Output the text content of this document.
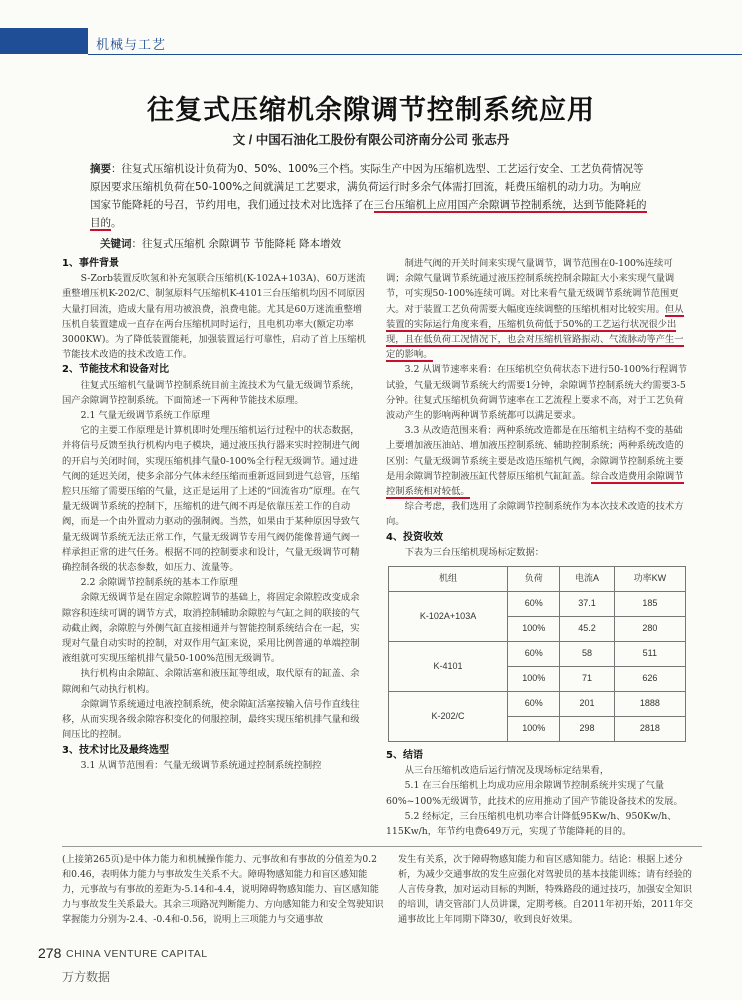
机械与工艺
往复式压缩机余隙调节控制系统应用
文 / 中国石油化工股份有限公司济南分公司 张志丹
摘要：往复式压缩机设计负荷为0、50%、100%三个档。实际生产中因为压缩机选型、工艺运行安全、工艺负荷情况等原因要求压缩机负荷在50-100%之间就满足工艺要求，满负荷运行时多余气体需打回流，耗费压缩机的动力功。为响应国家节能降耗的号召，节约用电，我们通过技术对比选择了在三台压缩机上应用国产余隙调节控制系统，达到节能降耗的目的。
关键词：往复式压缩机 余隙调节 节能降耗 降本增效
1、事件背景

S-Zorb装置反吹氢和补充氢联合压缩机(K-102A+103A)、60万迷流重整增压机K-202/C、制氢原料气压缩机K-4101三台压缩机均因不同原因大量打回流，造成大量有用功被浪费，浪费电能。尤其是60万迷流重整增压机自装置建成一直存在两台压缩机同时运行，且电机功率大(额定功率3000KW)。为了降低装置能耗，加强装置运行可靠性，启动了首上压缩机节能技术改造的技术改造工作。

2、节能技术和设备对比

往复式压缩机气量调节控制系统目前主流技术为气量无级调节系统，国产余隙调节控制系统。下面简述一下两种节能技术原理。

2.1 气量无级调节系统工作原理

它的主要工作原理是计算机即时处理压缩机运行过程中的状态数据，并将信号反馈至执行机构内电子模块，通过液压执行器来实时控制进气阀的开启与关闭时间，实现压缩机排气量0-100%全行程无级调节。通过进气阀的延迟关闭，使多余部分气体未经压缩而重新返回到进气总管，压缩腔只压缩了需要压缩的气量，这正是运用了上述的“回流省功”原理。在气量无级调节系统的控制下，压缩机的进气阀不再是依靠压差工作的自动阀，而是一个由外置动力驱动的强制阀。当然，如果由于某种原因导致气量无级调节系统无法正常工作，气量无级调节专用气阀仍能像普通气阀一样承担正常的进气任务。根据不同的控制要求和设计，气量无级调节可精确控制各级的状态参数，如压力、流量等。

2.2 余隙调节控制系统的基本工作原理

余隙无级调节是在固定余隙腔调节的基础上，将固定余隙腔改变成余隙容积连续可调的调节方式，取消控制辅助余隙腔与气缸之间的联接的气动截止阀，余隙腔与外侧气缸直接相通并与智能控制系统结合在一起，实现对气量自动实时的控制，对双作用气缸来说，采用比例普通的单端控制液组就可实现压缩机排气量50-100%范围无级调节。

执行机构由余隙缸、余隙活塞和液压缸等组成，取代原有的缸盖、余隙阀和气动执行机构。

余隙调节系统通过电液控制系统，使余隙缸活塞按输入信号作直线往移，从而实现各级余隙容积变化的伺服控制，最终实现压缩机排气量和级间压比的控制。

3、技术讨比及最终选型

3.1 从调节范围看：气量无级调节系统通过控制系统控制控

制进气阀的开关时间来实现气量调节，调节范围在0-100%连续可调；余隙气量调节系统通过液压控制系统控制余隙缸大小来实现气量调节，可实现50-100%连续可调。对比来看气量无级调节系统调节范围更大。对于装置工艺负荷需要大幅度连续调整的压缩机相对比较实用。但从装置的实际运行角度来看，压缩机负荷低于50%的工艺运行状况很少出现，且在低负荷工况情况下，也会对压缩机管路振动、气流脉动等产生一定的影响。

3.2 从调节速率来看：在压缩机空负荷状态下进行50-100%行程调节试验，气量无级调节系统大约需要1分钟，余隙调节控制系统大约需要3-5分钟。往复式压缩机负荷调节速率在工艺流程上要求不高，对于工艺负荷波动产生的影响两种调节系统都可以满足要求。

3.3 从改造范围来看：两种系统改造都是在压缩机主结构不变的基础上要增加液压油站、增加液压控制系统、辅助控制系统；两种系统改造的区别：气量无级调节系统主要是改造压缩机气阀，余隙调节控制系统主要是用余隙调节控制液压缸代替原压缩机气缸缸盖。综合改造费用余隙调节控制系统相对较低。

综合考虑，我们选用了余隙调节控制系统作为本次技术改造的技术方向。

4、投资收效

下表为三台压缩机现场标定数据：

机组	负荷	电流A	功率KW
K-102A+103A	60%	37.1	185
	100%	45.2	280
K-4101	60%	58	511
	100%	71	626
K-202/C	60%	201	1888
	100%	298	2818
5、结语

从三台压缩机改造后运行情况及现场标定结果看，

5.1 在三台压缩机上均成功应用余隙调节控制系统并实现了气量60%~100%无级调节，此技术的应用推动了国产节能设备技术的发展。

5.2 经标定，三台压缩机电机功率合计降低95Kw/h、950Kw/h、115Kw/h，年节约电费649万元，实现了节能降耗的目的。

(上接第265页)是中体力能力和机械操作能力、元事故和有事故的分值差为0.2和0.46，表明体力能力与事故发生关系不大。障碍物感知能力和盲区感知能力，元事故与有事故的差距为-5.14和-4.4，说明障碍物感知能力、盲区感知能力与事故发生关系最大。其余三项路况判断能力、方向感知能力和安全驾驶知识掌握能力分别为-2.4、-0.4和-0.56，说明上三项能力与交通事故
发生有关系，次于障碍物感知能力和盲区感知能力。结论：根据上述分析，为减少交通事故的发生应强化对驾驶员的基本技能训练；请有经验的人言传身教，加对运动目标的判断，特殊路段的通过技巧，加强安全知识的培训，请交管部门人员讲课，定期考核。自2011年初开始，2011年交通事故比上年同期下降30/，收到良好效果。
278 CHINA VENTURE CAPITAL
万方数据
